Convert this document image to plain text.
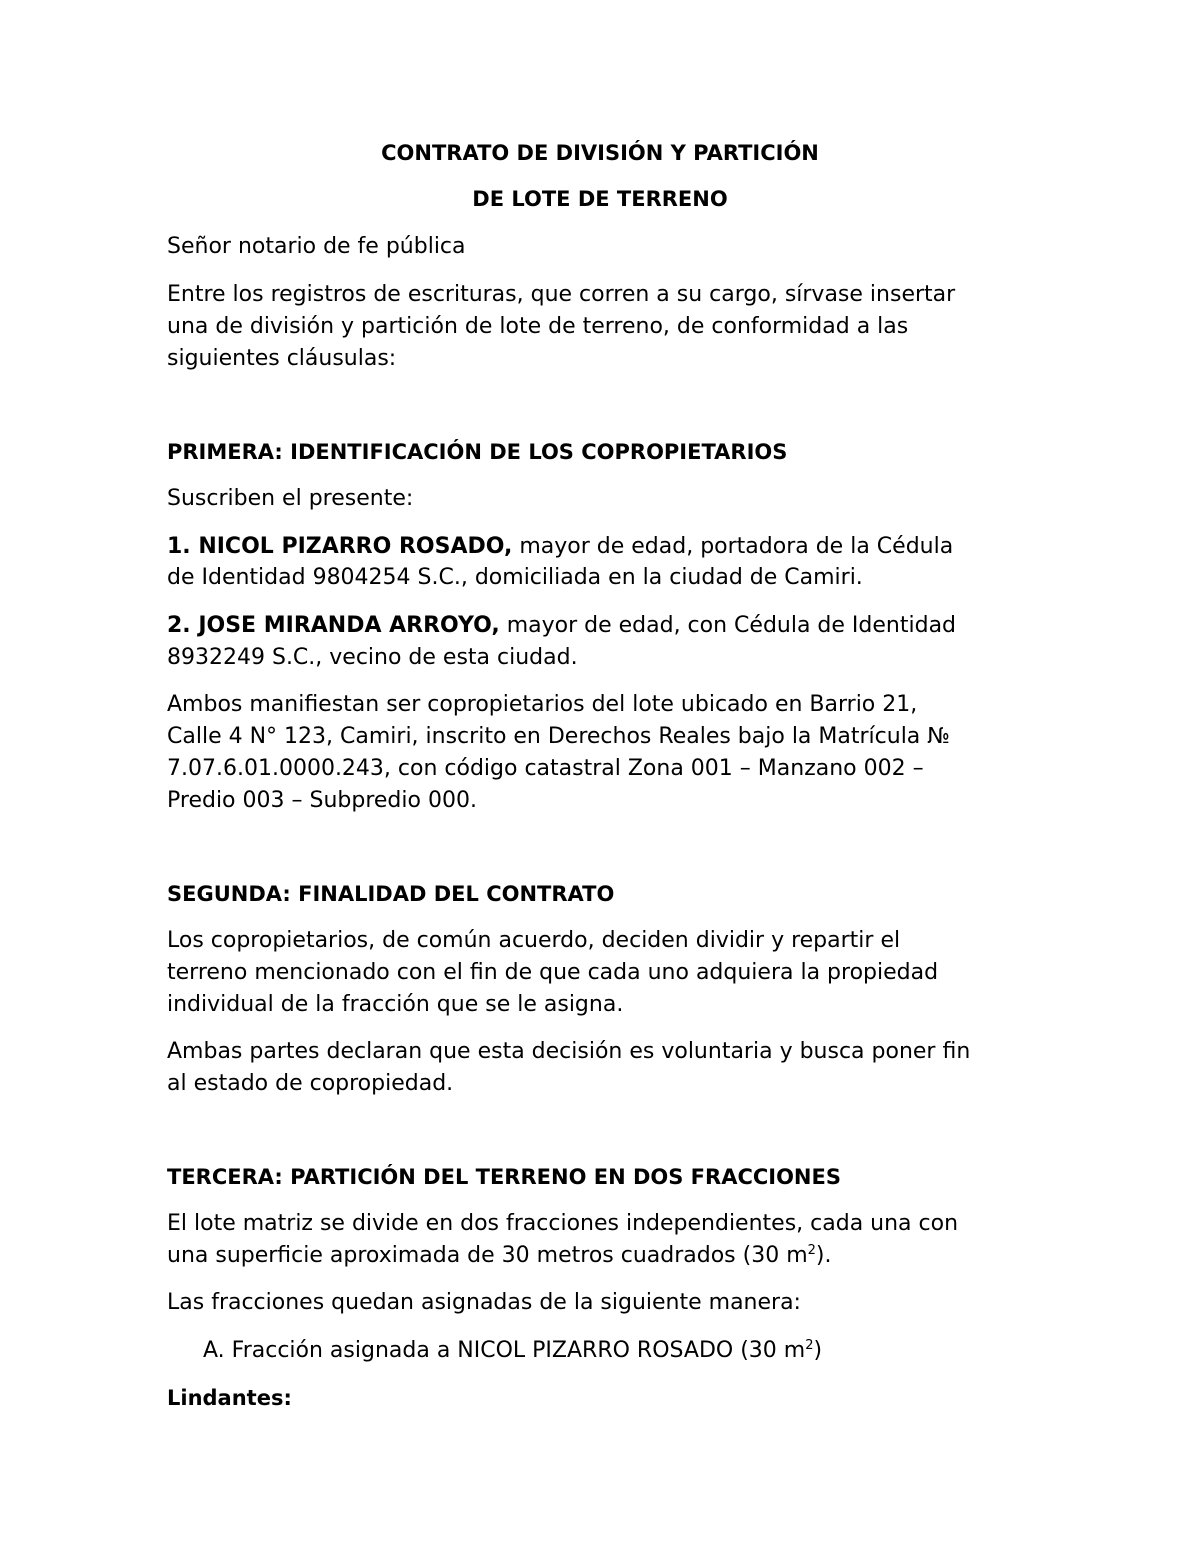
CONTRATO DE DIVISIÓN Y PARTICIÓN

DE LOTE DE TERRENO

Señor notario de fe pública

Entre los registros de escrituras, que corren a su cargo, sírvase insertar

una de división y partición de lote de terreno, de conformidad a las

siguientes cláusulas:

PRIMERA: IDENTIFICACIÓN DE LOS COPROPIETARIOS

Suscriben el presente:

1. NICOL PIZARRO ROSADO, mayor de edad, portadora de la Cédula

de Identidad 9804254 S.C., domiciliada en la ciudad de Camiri.

2. JOSE MIRANDA ARROYO, mayor de edad, con Cédula de Identidad

8932249 S.C., vecino de esta ciudad.

Ambos manifiestan ser copropietarios del lote ubicado en Barrio 21,

Calle 4 N° 123, Camiri, inscrito en Derechos Reales bajo la Matrícula №

7.07.6.01.0000.243, con código catastral Zona 001 – Manzano 002 –

Predio 003 – Subpredio 000.

SEGUNDA: FINALIDAD DEL CONTRATO

Los copropietarios, de común acuerdo, deciden dividir y repartir el

terreno mencionado con el fin de que cada uno adquiera la propiedad

individual de la fracción que se le asigna.

Ambas partes declaran que esta decisión es voluntaria y busca poner fin

al estado de copropiedad.

TERCERA: PARTICIÓN DEL TERRENO EN DOS FRACCIONES

El lote matriz se divide en dos fracciones independientes, cada una con

una superficie aproximada de 30 metros cuadrados (30 $m^2$).

Las fracciones quedan asignadas de la siguiente manera:

A. Fracción asignada a NICOL PIZARRO ROSADO (30 $m^2$)

Lindantes:
